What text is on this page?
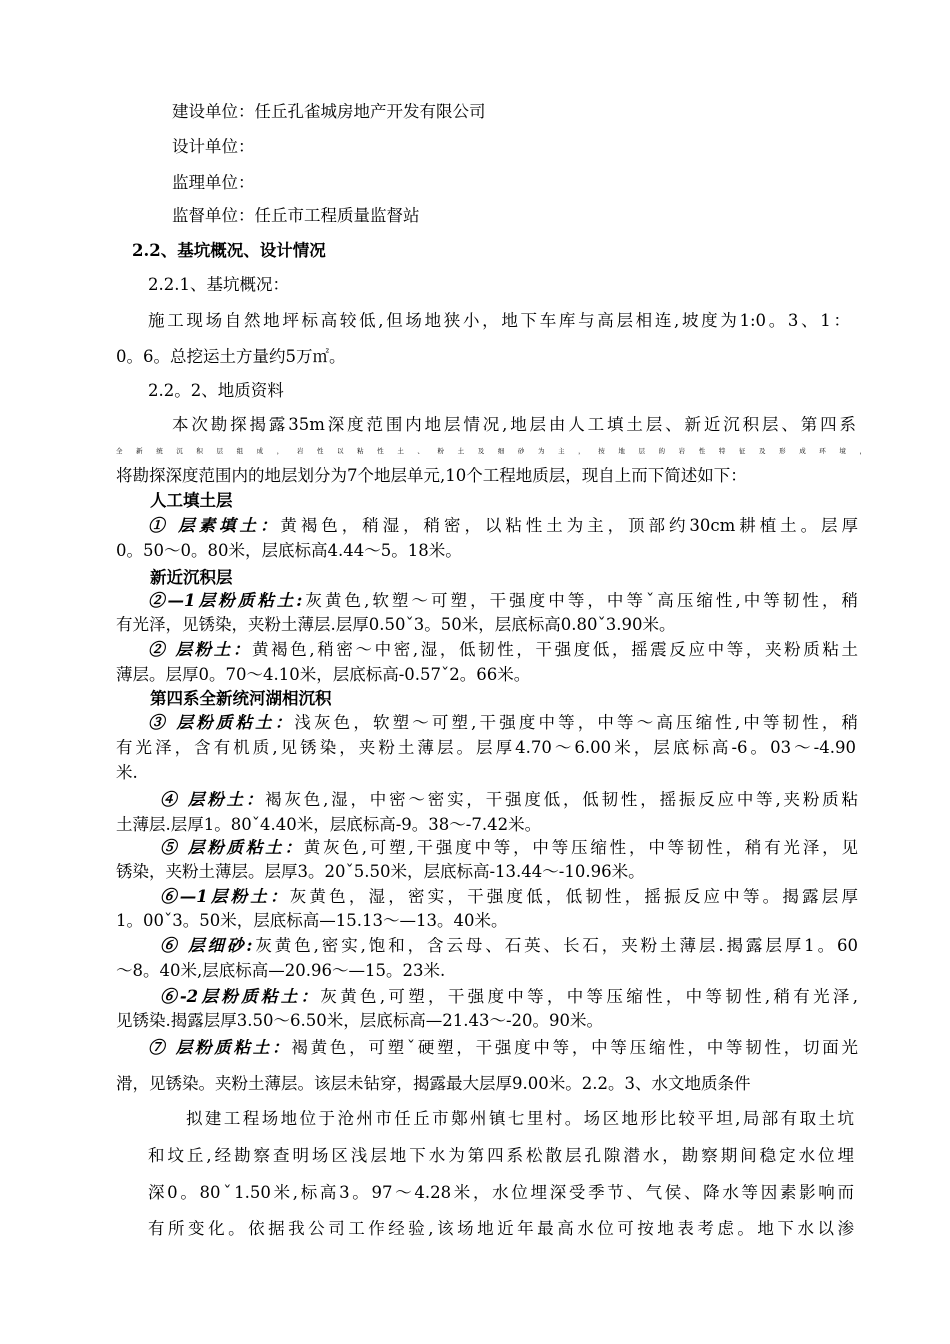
建设单位：任丘孔雀城房地产开发有限公司
设计单位：
监理单位：
监督单位：任丘市工程质量监督站
2.2、基坑概况、设计情况
2.2.1、基坑概况：
施工现场自然地坪标高较低,但场地狭小，地下车库与高层相连,坡度为1:0。3、1：
0。6。总挖运土方量约5万㎡。
2.2。2、地质资料
本次勘探揭露35m深度范围内地层情况,地层由人工填土层、新近沉积层、第四系
全新统沉积层组成，岩性以粘性土、粉土及细砂为主，按地层的岩性特征及形成环境，
将勘探深度范围内的地层划分为7个地层单元,10个工程地质层，现自上而下简述如下：
人工填土层
① 层素填土：黄褐色，稍湿，稍密，以粘性土为主，顶部约30cm耕植土。层厚
0。50～0。80米，层底标高4.44～5。18米。
新近沉积层
②—1层粉质粘土:灰黄色,软塑～可塑，干强度中等，中等ˇ高压缩性,中等韧性，稍
有光泽，见锈染，夹粉土薄层.层厚0.50ˇ3。50米，层底标高0.80ˇ3.90米。
② 层粉土：黄褐色,稍密～中密,湿，低韧性，干强度低，摇震反应中等，夹粉质粘土
薄层。层厚0。70～4.10米，层底标高-0.57ˇ2。66米。
第四系全新统河湖相沉积
③ 层粉质粘土：浅灰色，软塑～可塑,干强度中等，中等～高压缩性,中等韧性，稍
有光泽，含有机质,见锈染，夹粉土薄层。层厚4.70～6.00米，层底标高-6。03～-4.90
米.
④ 层粉土：褐灰色,湿，中密～密实，干强度低，低韧性，摇振反应中等,夹粉质粘
土薄层.层厚1。80ˇ4.40米，层底标高-9。38～-7.42米。
⑤ 层粉质粘土：黄灰色,可塑,干强度中等，中等压缩性，中等韧性，稍有光泽，见
锈染，夹粉土薄层。层厚3。20ˇ5.50米，层底标高-13.44～-10.96米。
⑥—1层粉土：灰黄色，湿，密实，干强度低，低韧性，摇振反应中等。揭露层厚
1。00ˇ3。50米，层底标高—15.13～—13。40米。
⑥ 层细砂:灰黄色,密实,饱和，含云母、石英、长石，夹粉土薄层.揭露层厚1。60
～8。40米,层底标高—20.96～—15。23米.
⑥-2层粉质粘土：灰黄色,可塑，干强度中等，中等压缩性，中等韧性,稍有光泽,
见锈染.揭露层厚3.50～6.50米，层底标高—21.43～-20。90米。
⑦ 层粉质粘土：褐黄色，可塑ˇ硬塑，干强度中等，中等压缩性，中等韧性，切面光
滑，见锈染。夹粉土薄层。该层未钻穿，揭露最大层厚9.00米。2.2。3、水文地质条件
拟建工程场地位于沧州市任丘市鄚州镇七里村。场区地形比较平坦,局部有取土坑
和坟丘,经勘察查明场区浅层地下水为第四系松散层孔隙潜水，勘察期间稳定水位埋
深0。80ˇ1.50米,标高3。97～4.28米，水位埋深受季节、气侯、降水等因素影响而
有所变化。依据我公司工作经验,该场地近年最高水位可按地表考虑。地下水以渗
